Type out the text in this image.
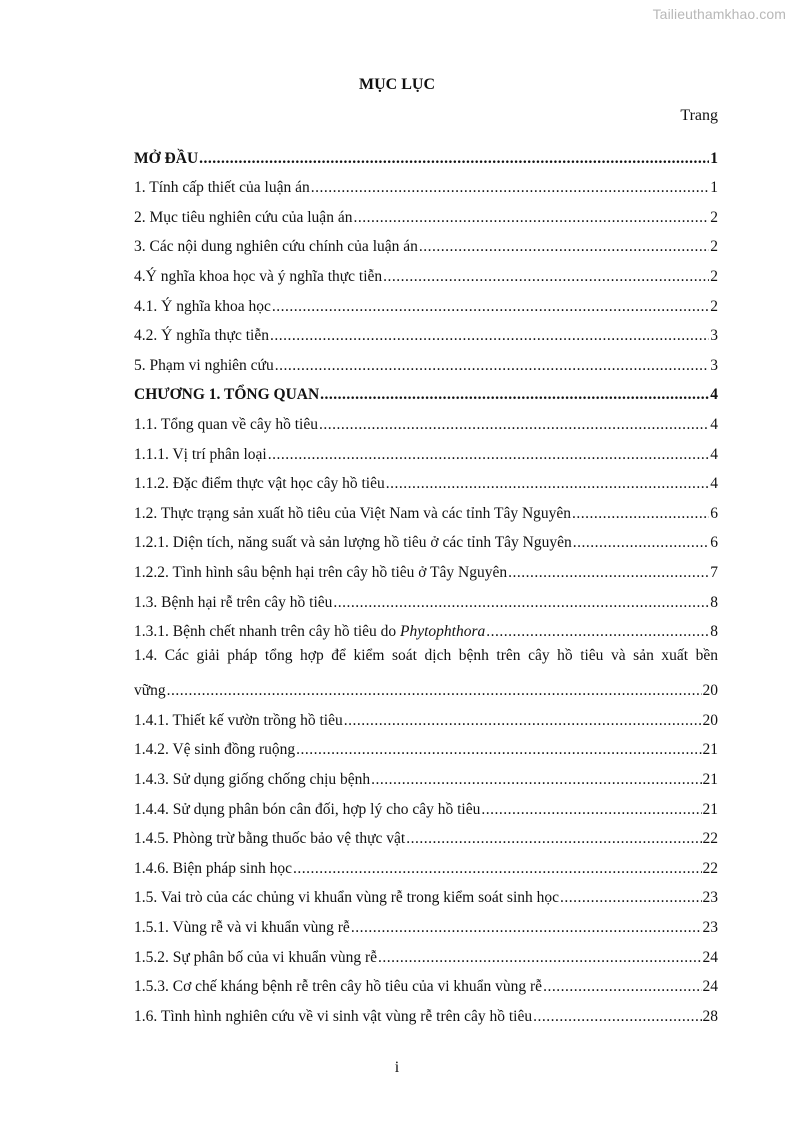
Tailieuthamkhao.com
MỤC LỤC
Trang
MỞ ĐẦU .....	1
1. Tính cấp thiết của luận án .....	1
2. Mục tiêu nghiên cứu của luận án .....	2
3. Các nội dung nghiên cứu chính của luận án .....	2
4.Ý nghĩa khoa học và ý nghĩa thực tiễn .....	2
4.1. Ý nghĩa khoa học .....	2
4.2. Ý nghĩa thực tiễn .....	3
5. Phạm vi nghiên cứu .....	3
CHƯƠNG 1. TỔNG QUAN .....	4
1.1. Tổng quan về cây hồ tiêu .....	4
1.1.1. Vị trí phân loại .....	4
1.1.2. Đặc điểm thực vật học cây hồ tiêu .....	4
1.2. Thực trạng sản xuất hồ tiêu của Việt Nam và các tỉnh Tây Nguyên .....	6
1.2.1. Diện tích, năng suất và sản lượng hồ tiêu ở các tỉnh Tây Nguyên .....	6
1.2.2. Tình hình sâu bệnh hại trên cây hồ tiêu ở Tây Nguyên .....	7
1.3. Bệnh hại rễ trên cây hồ tiêu .....	8
1.3.1. Bệnh chết nhanh trên cây hồ tiêu do Phytophthora .....	8
1.4. Các giải pháp tổng hợp để kiểm soát dịch bệnh trên cây hồ tiêu và sản xuất bền
vững .....	20
1.4.1. Thiết kế vườn trồng hồ tiêu .....	20
1.4.2. Vệ sinh đồng ruộng .....	21
1.4.3. Sử dụng giống chống chịu bệnh .....	21
1.4.4. Sử dụng phân bón cân đối, hợp lý cho cây hồ tiêu .....	21
1.4.5. Phòng trừ bằng thuốc bảo vệ thực vật .....	22
1.4.6. Biện pháp sinh học .....	22
1.5. Vai trò của các chủng vi khuẩn vùng rễ trong kiểm soát sinh học .....	23
1.5.1. Vùng rễ và vi khuẩn vùng rễ .....	23
1.5.2. Sự phân bố của vi khuẩn vùng rễ .....	24
1.5.3. Cơ chế kháng bệnh rễ trên cây hồ tiêu của vi khuẩn vùng rễ .....	24
1.6. Tình hình nghiên cứu về vi sinh vật vùng rễ trên cây hồ tiêu .....	28
i
